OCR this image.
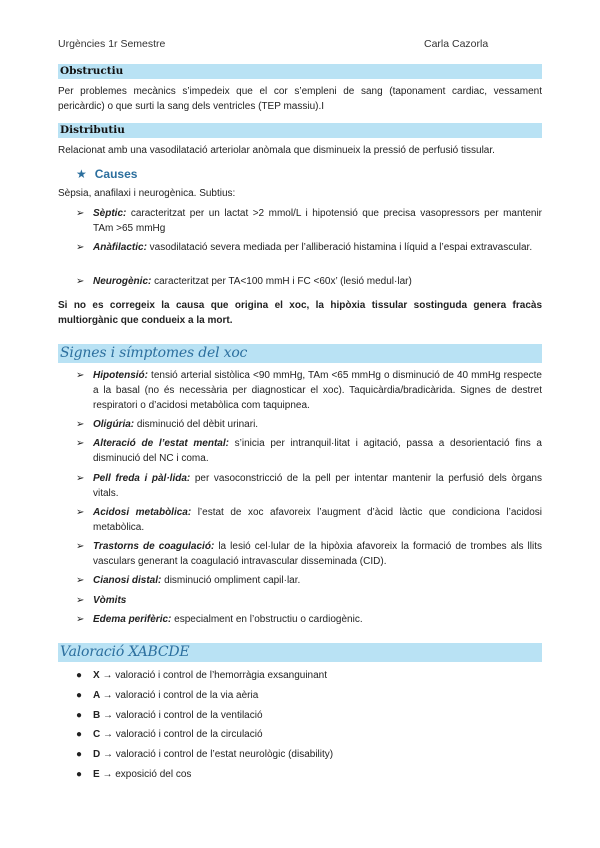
Urgències 1r Semestre	Carla Cazorla
Obstructiu
Per problemes mecànics s’impedeix que el cor s’empleni de sang (taponament cardiac, vessament pericàrdic) o que surti la sang dels ventricles (TEP massiu).I
Distributiu
Relacionat amb una vasodilatació arteriolar anòmala que disminueix la pressió de perfusió tissular.
★ Causes
Sèpsia, anafilaxi i neurogènica. Subtius:
➢ Sèptic: caracteritzat per un lactat >2 mmol/L i hipotensió que precisa vasopressors per mantenir TAm >65 mmHg
➢ Anàfilactic: vasodilatació severa mediada per l’alliberació histamina i líquid a l’espai extravascular.
➢ Neurogènic: caracteritzat per TA<100 mmH i FC <60x’ (lesió medul·lar)
Si no es corregeix la causa que origina el xoc, la hipòxia tissular sostinguda genera fracàs multiorgànic que condueix a la mort.
Signes i símptomes del xoc
➢ Hipotensió: tensió arterial sistòlica <90 mmHg, TAm <65 mmHg o disminució de 40 mmHg respecte a la basal (no és necessària per diagnosticar el xoc). Taquicàrdia/bradicàrida. Signes de destret respiratori o d’acidosi metabòlica com taquipnea.
➢ Oligúria: disminució del dèbit urinari.
➢ Alteració de l’estat mental: s’inicia per intranquil·litat i agitació, passa a desorientació fins a disminució del NC i coma.
➢ Pell freda i pàl·lida: per vasoconstricció de la pell per intentar mantenir la perfusió dels òrgans vitals.
➢ Acidosi metabòlica: l’estat de xoc afavoreix l’augment d’àcid làctic que condiciona l’acidosi metabòlica.
➢ Trastorns de coagulació: la lesió cel·lular de la hipòxia afavoreix la formació de trombes als llits vasculars generant la coagulació intravascular disseminada (CID).
➢ Cianosi distal: disminució ompliment capil·lar.
➢ Vòmits
➢ Edema perifèric: especialment en l’obstructiu o cardiogènic.
Valoració XABCDE
● X → valoració i control de l’hemorràgia exsanguinant
● A → valoració i control de la via aèria
● B → valoració i control de la ventilació
● C → valoració i control de la circulació
● D → valoració i control de l’estat neurològic (disability)
● E → exposició del cos
